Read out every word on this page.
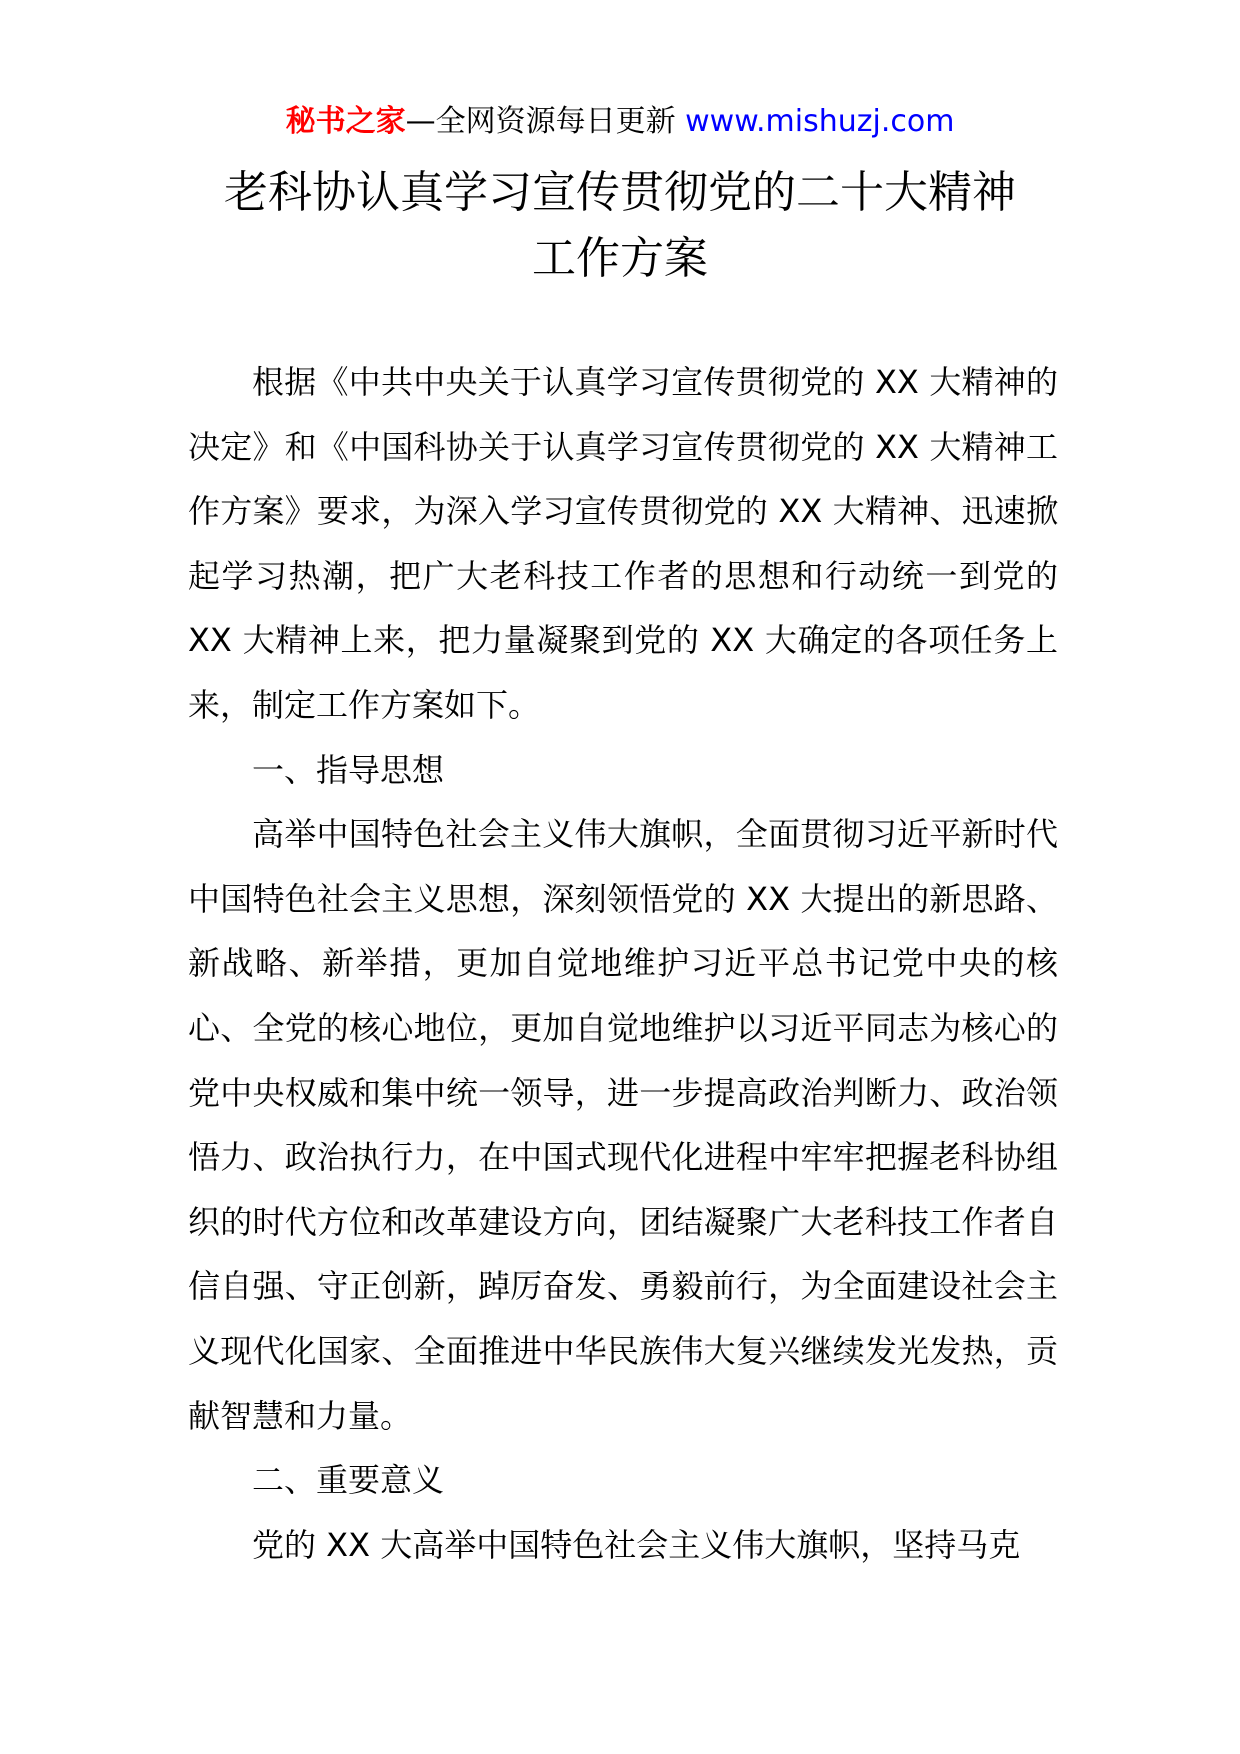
秘书之家—全网资源每日更新 www.mishuzj.com
老科协认真学习宣传贯彻党的二十大精神
工作方案

根据《中共中央关于认真学习宣传贯彻党的 XX 大精神的决定》和《中国科协关于认真学习宣传贯彻党的 XX 大精神工作方案》要求，为深入学习宣传贯彻党的 XX 大精神、迅速掀起学习热潮，把广大老科技工作者的思想和行动统一到党的 XX 大精神上来，把力量凝聚到党的 XX 大确定的各项任务上来，制定工作方案如下。

一、指导思想

高举中国特色社会主义伟大旗帜，全面贯彻习近平新时代中国特色社会主义思想，深刻领悟党的 XX 大提出的新思路、新战略、新举措，更加自觉地维护习近平总书记党中央的核心、全党的核心地位，更加自觉地维护以习近平同志为核心的党中央权威和集中统一领导，进一步提高政治判断力、政治领悟力、政治执行力，在中国式现代化进程中牢牢把握老科协组织的时代方位和改革建设方向，团结凝聚广大老科技工作者自信自强、守正创新，踔厉奋发、勇毅前行，为全面建设社会主义现代化国家、全面推进中华民族伟大复兴继续发光发热，贡献智慧和力量。

二、重要意义

党的 XX 大高举中国特色社会主义伟大旗帜，坚持马克
